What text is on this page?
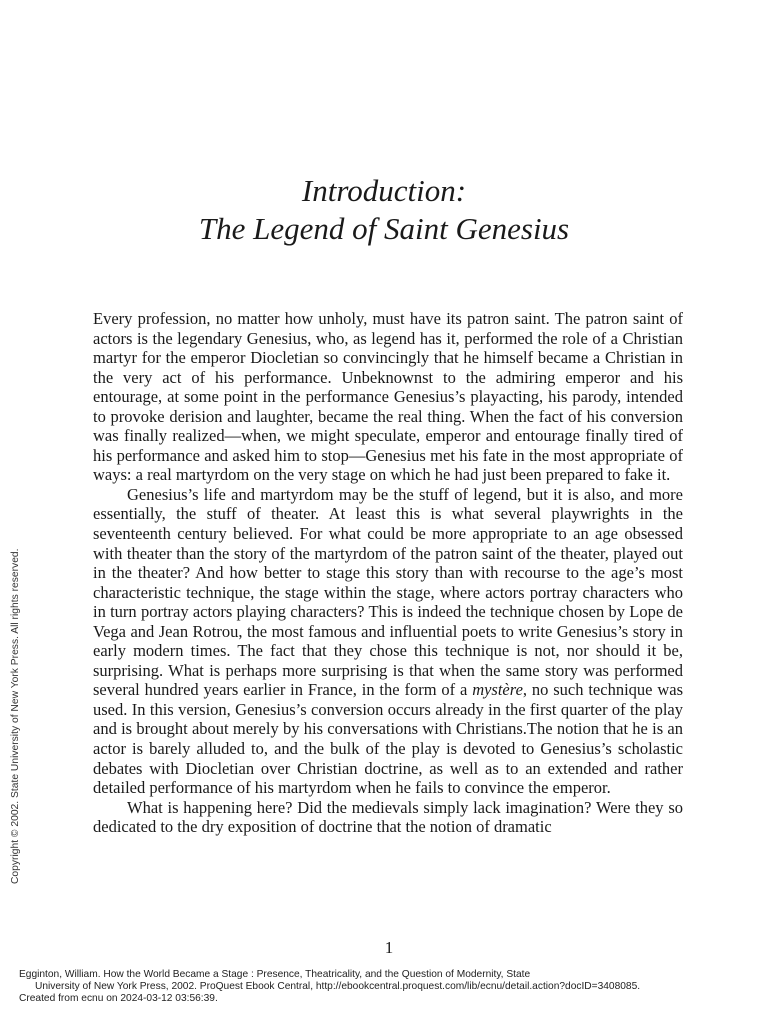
Introduction:
The Legend of Saint Genesius

Every profession, no matter how unholy, must have its patron saint. The patron saint of actors is the legendary Genesius, who, as legend has it, performed the role of a Christian martyr for the emperor Diocletian so convincingly that he himself became a Christian in the very act of his performance. Unbeknownst to the admiring emperor and his entourage, at some point in the performance Genesius’s playacting, his parody, intended to provoke derision and laughter, became the real thing. When the fact of his conversion was finally realized—when, we might speculate, emperor and entourage finally tired of his performance and asked him to stop—Genesius met his fate in the most appropriate of ways: a real martyrdom on the very stage on which he had just been prepared to fake it.

Genesius’s life and martyrdom may be the stuff of legend, but it is also, and more essentially, the stuff of theater. At least this is what several playwrights in the seventeenth century believed. For what could be more appropriate to an age obsessed with theater than the story of the martyrdom of the patron saint of the theater, played out in the theater? And how better to stage this story than with recourse to the age’s most characteristic technique, the stage within the stage, where actors portray characters who in turn portray actors playing characters? This is indeed the technique chosen by Lope de Vega and Jean Rotrou, the most famous and influential poets to write Genesius’s story in early modern times. The fact that they chose this technique is not, nor should it be, surprising. What is perhaps more surprising is that when the same story was performed several hundred years earlier in France, in the form of a mystère, no such technique was used. In this version, Genesius’s conversion occurs already in the first quarter of the play and is brought about merely by his conversations with Christians.The notion that he is an actor is barely alluded to, and the bulk of the play is devoted to Genesius’s scholastic debates with Diocletian over Christian doctrine, as well as to an extended and rather detailed performance of his martyrdom when he fails to convince the emperor.

What is happening here? Did the medievals simply lack imagination? Were they so dedicated to the dry exposition of doctrine that the notion of dramatic

1
Copyright © 2002. State University of New York Press. All rights reserved.
Egginton, William. How the World Became a Stage : Presence, Theatricality, and the Question of Modernity, State
University of New York Press, 2002. ProQuest Ebook Central, http://ebookcentral.proquest.com/lib/ecnu/detail.action?docID=3408085.
Created from ecnu on 2024-03-12 03:56:39.
